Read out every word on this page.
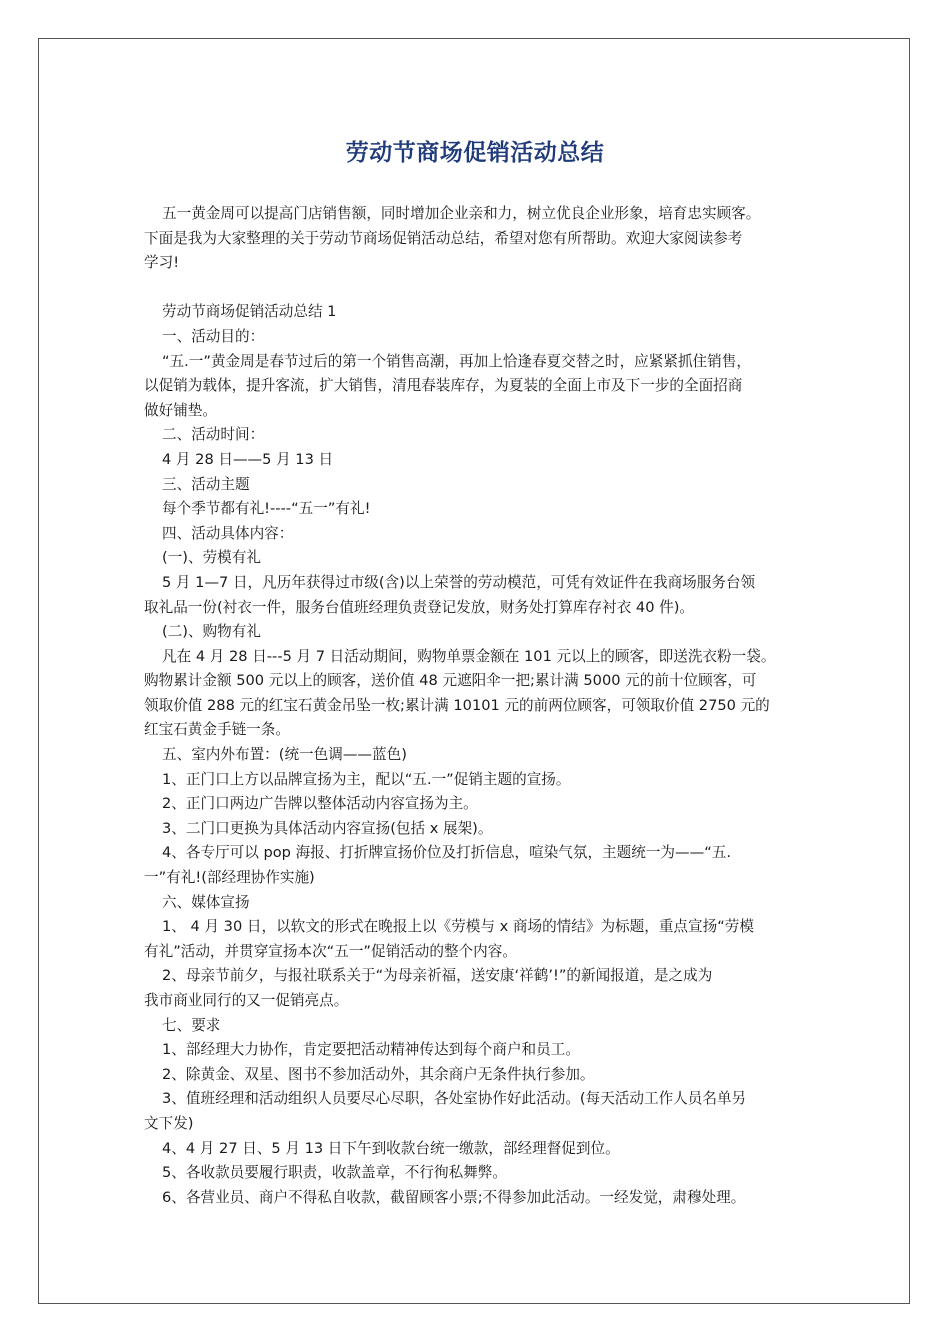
劳动节商场促销活动总结

五一黄金周可以提高门店销售额，同时增加企业亲和力，树立优良企业形象，培育忠实顾客。

下面是我为大家整理的关于劳动节商场促销活动总结，希望对您有所帮助。欢迎大家阅读参考

学习!

劳动节商场促销活动总结 1

一、活动目的：

“五.一”黄金周是春节过后的第一个销售高潮，再加上恰逢春夏交替之时，应紧紧抓住销售，

以促销为载体，提升客流，扩大销售，清甩春装库存，为夏装的全面上市及下一步的全面招商

做好铺垫。

二、活动时间：

4 月 28 日——5 月 13 日

三、活动主题

每个季节都有礼!----“五一”有礼!

四、活动具体内容：

(一)、劳模有礼

5 月 1—7 日，凡历年获得过市级(含)以上荣誉的劳动模范，可凭有效证件在我商场服务台领

取礼品一份(衬衣一件，服务台值班经理负责登记发放，财务处打算库存衬衣 40 件)。

(二)、购物有礼

凡在 4 月 28 日---5 月 7 日活动期间，购物单票金额在 101 元以上的顾客，即送洗衣粉一袋。

购物累计金额 500 元以上的顾客，送价值 48 元遮阳伞一把;累计满 5000 元的前十位顾客，可

领取价值 288 元的红宝石黄金吊坠一枚;累计满 10101 元的前两位顾客，可领取价值 2750 元的

红宝石黄金手链一条。

五、室内外布置：(统一色调——蓝色)

1、正门口上方以品牌宣扬为主，配以“五.一”促销主题的宣扬。

2、正门口两边广告牌以整体活动内容宣扬为主。

3、二门口更换为具体活动内容宣扬(包括 x 展架)。

4、各专厅可以 pop 海报、打折牌宣扬价位及打折信息，喧染气氛，主题统一为——“五.

一”有礼!(部经理协作实施)

六、媒体宣扬

1、 4 月 30 日，以软文的形式在晚报上以《劳模与 x 商场的情结》为标题，重点宣扬“劳模

有礼”活动，并贯穿宣扬本次“五一”促销活动的整个内容。

2、母亲节前夕，与报社联系关于“为母亲祈福，送安康‘祥鹤’!”的新闻报道，是之成为

我市商业同行的又一促销亮点。

七、要求

1、部经理大力协作，肯定要把活动精神传达到每个商户和员工。

2、除黄金、双星、图书不参加活动外，其余商户无条件执行参加。

3、值班经理和活动组织人员要尽心尽职，各处室协作好此活动。(每天活动工作人员名单另

文下发)

4、4 月 27 日、5 月 13 日下午到收款台统一缴款，部经理督促到位。

5、各收款员要履行职责，收款盖章，不行徇私舞弊。

6、各营业员、商户不得私自收款，截留顾客小票;不得参加此活动。一经发觉，肃穆处理。
